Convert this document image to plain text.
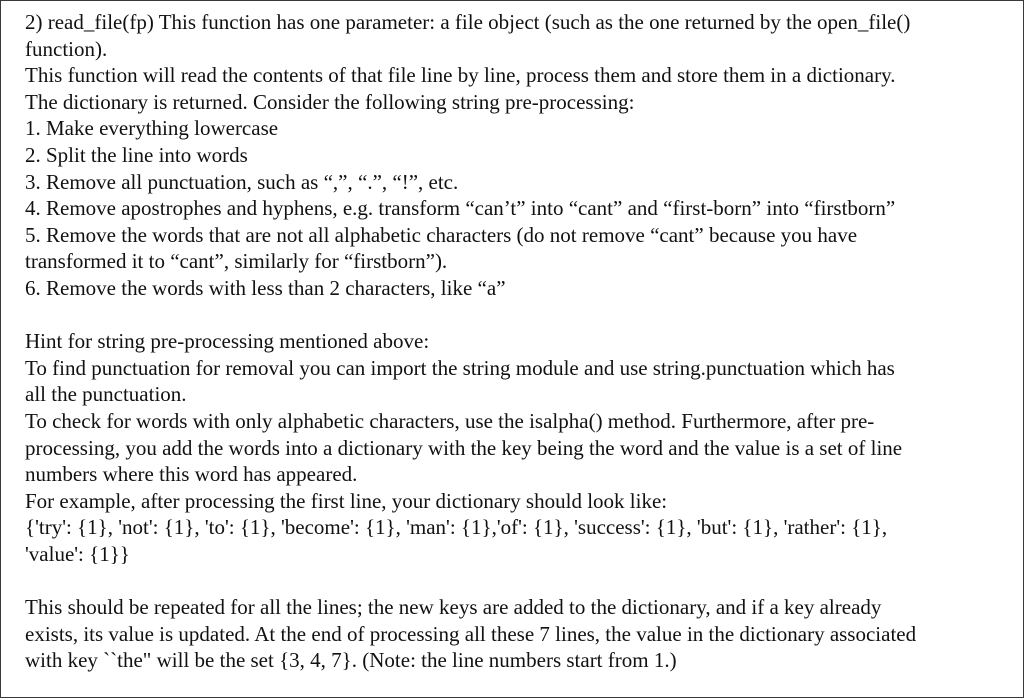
2) read_file(fp) This function has one parameter: a file object (such as the one returned by the open_file()
function).
This function will read the contents of that file line by line, process them and store them in a dictionary.
The dictionary is returned. Consider the following string pre-processing:
1. Make everything lowercase
2. Split the line into words
3. Remove all punctuation, such as “,”, “.”, “!”, etc.
4. Remove apostrophes and hyphens, e.g. transform “can’t” into “cant” and “first-born” into “firstborn”
5. Remove the words that are not all alphabetic characters (do not remove “cant” because you have
transformed it to “cant”, similarly for “firstborn”).
6. Remove the words with less than 2 characters, like “a”
Hint for string pre-processing mentioned above:
To find punctuation for removal you can import the string module and use string.punctuation which has
all the punctuation.
To check for words with only alphabetic characters, use the isalpha() method. Furthermore, after pre-
processing, you add the words into a dictionary with the key being the word and the value is a set of line
numbers where this word has appeared.
For example, after processing the first line, your dictionary should look like:
{'try': {1}, 'not': {1}, 'to': {1}, 'become': {1}, 'man': {1},'of': {1}, 'success': {1}, 'but': {1}, 'rather': {1},
'value': {1}}
This should be repeated for all the lines; the new keys are added to the dictionary, and if a key already
exists, its value is updated. At the end of processing all these 7 lines, the value in the dictionary associated
with key ``the" will be the set {3, 4, 7}. (Note: the line numbers start from 1.)
